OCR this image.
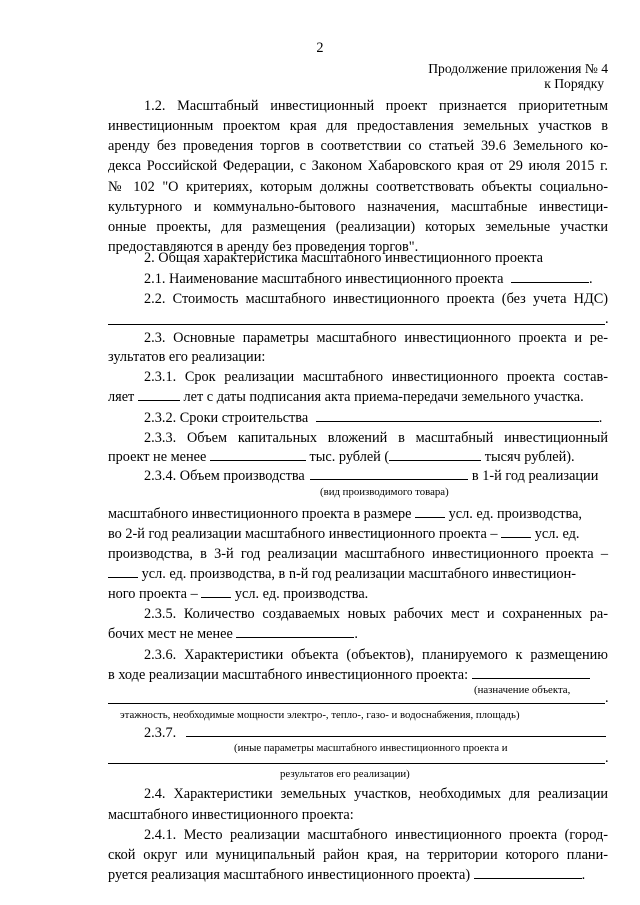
2
Продолжение приложения № 4
к Порядку
1.2. Масштабный инвестиционный проект признается приоритетным
инвестиционным проектом края для предоставления земельных участков в
аренду без проведения торгов в соответствии со статьей 39.6 Земельного ко-
декса Российской Федерации, с Законом Хабаровского края от 29 июля 2015 г.
№ 102 "О критериях, которым должны соответствовать объекты социально-
культурного и коммунально-бытового назначения, масштабные инвестици-
онные проекты, для размещения (реализации) которых земельные участки
предоставляются в аренду без проведения торгов".
2. Общая характеристика масштабного инвестиционного проекта
2.1. Наименование масштабного инвестиционного проекта	.
2.2. Стоимость масштабного инвестиционного проекта (без учета НДС)
.
2.3. Основные параметры масштабного инвестиционного проекта и ре-
зультатов его реализации:
2.3.1. Срок реализации масштабного инвестиционного проекта состав-
ляет	лет с даты подписания акта приема-передачи земельного участка.
2.3.2. Сроки строительства	.
2.3.3. Объем капитальных вложений в масштабный инвестиционный
проект не менее	тыс. рублей (	тысяч рублей).
2.3.4. Объем производства	в 1-й год реализации
(вид производимого товара)
масштабного инвестиционного проекта в размере	усл. ед. производства,
во 2-й год реализации масштабного инвестиционного проекта –	усл. ед.
производства, в 3-й год реализации масштабного инвестиционного проекта –
усл. ед. производства, в n-й год реализации масштабного инвестицион-
ного проекта –	усл. ед. производства.
2.3.5. Количество создаваемых новых рабочих мест и сохраненных ра-
бочих мест не менее	.
2.3.6. Характеристики объекта (объектов), планируемого к размещению
в ходе реализации масштабного инвестиционного проекта:
(назначение объекта, .
этажность, необходимые мощности электро-, тепло-, газо- и водоснабжения, площадь)
2.3.7.
(иные параметры масштабного инвестиционного проекта и
.
результатов его реализации)
2.4. Характеристики земельных участков, необходимых для реализации
масштабного инвестиционного проекта:
2.4.1. Место реализации масштабного инвестиционного проекта (город-
ской округ или муниципальный район края, на территории которого плани-
руется реализация масштабного инвестиционного проекта)	.
